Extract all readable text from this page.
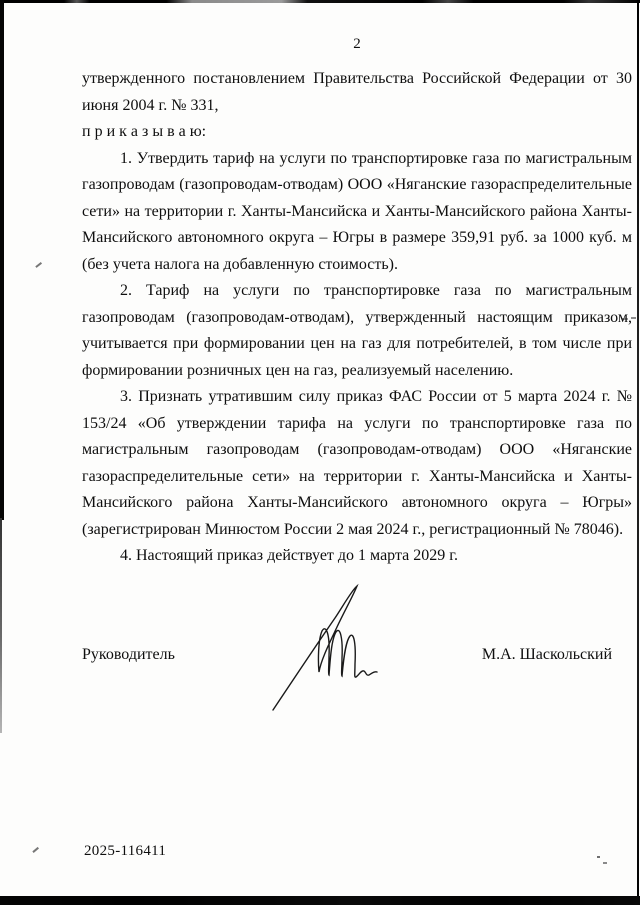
2
утвержденного постановлением Правительства Российской Федерации от 30 июня 2004 г. № 331,
п р и к а з ы в а ю:
1. Утвердить тариф на услуги по транспортировке газа по магистральным газопроводам (газопроводам-отводам) ООО «Няганские газораспределительные сети» на территории г. Ханты-Мансийска и Ханты-Мансийского района Ханты-Мансийского автономного округа – Югры в размере 359,91 руб. за 1000 куб. м (без учета налога на добавленную стоимость).
2. Тариф на услуги по транспортировке газа по магистральным газопроводам (газопроводам-отводам), утвержденный настоящим приказом, учитывается при формировании цен на газ для потребителей, в том числе при формировании розничных цен на газ, реализуемый населению.
3. Признать утратившим силу приказ ФАС России от 5 марта 2024 г. № 153/24 «Об утверждении тарифа на услуги по транспортировке газа по магистральным газопроводам (газопроводам-отводам) ООО «Няганские газораспределительные сети» на территории г. Ханты-Мансийска и Ханты-Мансийского района Ханты-Мансийского автономного округа – Югры» (зарегистрирован Минюстом России 2 мая 2024 г., регистрационный № 78046).
4. Настоящий приказ действует до 1 марта 2029 г.
Руководитель	М.А. Шаскольский
2025-116411
